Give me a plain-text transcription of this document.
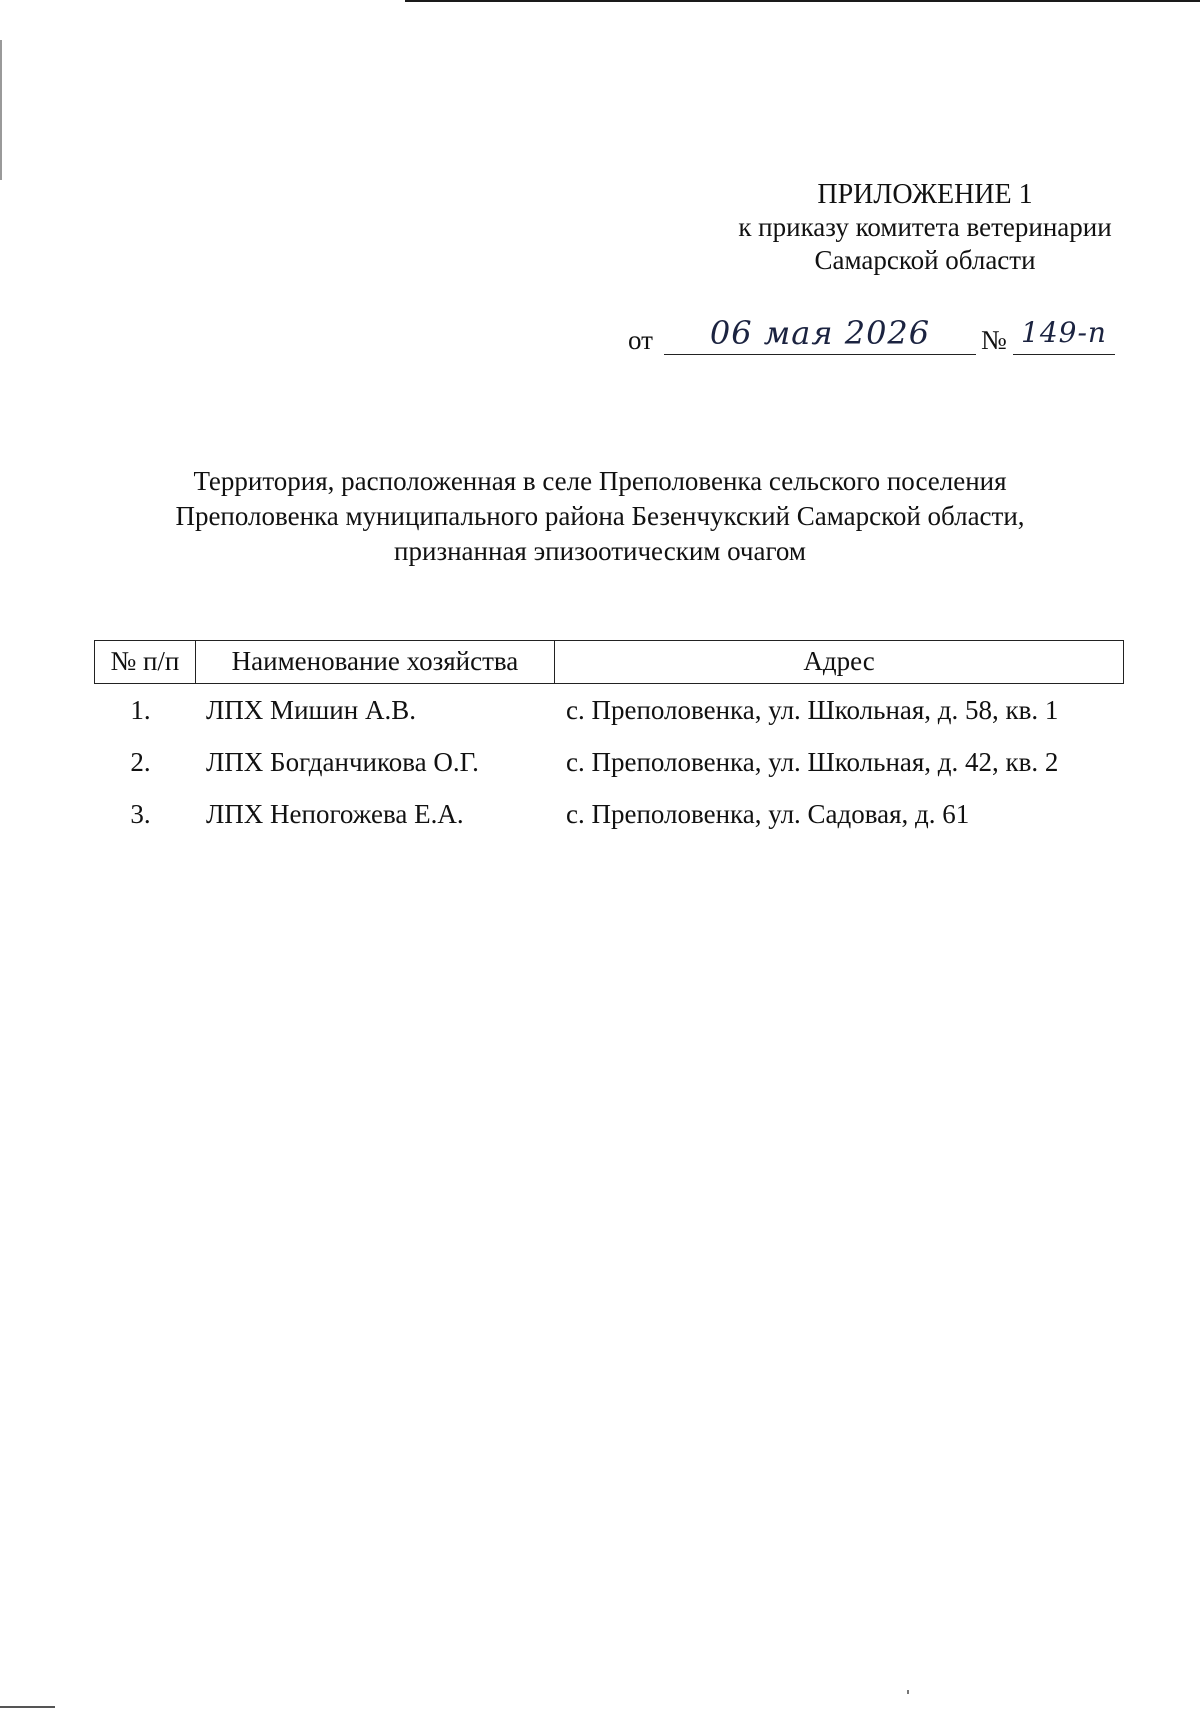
ПРИЛОЖЕНИЕ 1
к приказу комитета ветеринарии
Самарской области
от	06 мая 2026	№ 149-п
Территория, расположенная в селе Преполовенка сельского поселения
Преполовенка муниципального района Безенчукский Самарской области,
признанная эпизоотическим очагом
№ п/п	Наименование хозяйства	Адрес
1.	ЛПХ Мишин А.В.	с. Преполовенка, ул. Школьная, д. 58, кв. 1
2.	ЛПХ Богданчикова О.Г.	с. Преполовенка, ул. Школьная, д. 42, кв. 2
3.	ЛПХ Непогожева Е.А.	с. Преполовенка, ул. Садовая, д. 61
